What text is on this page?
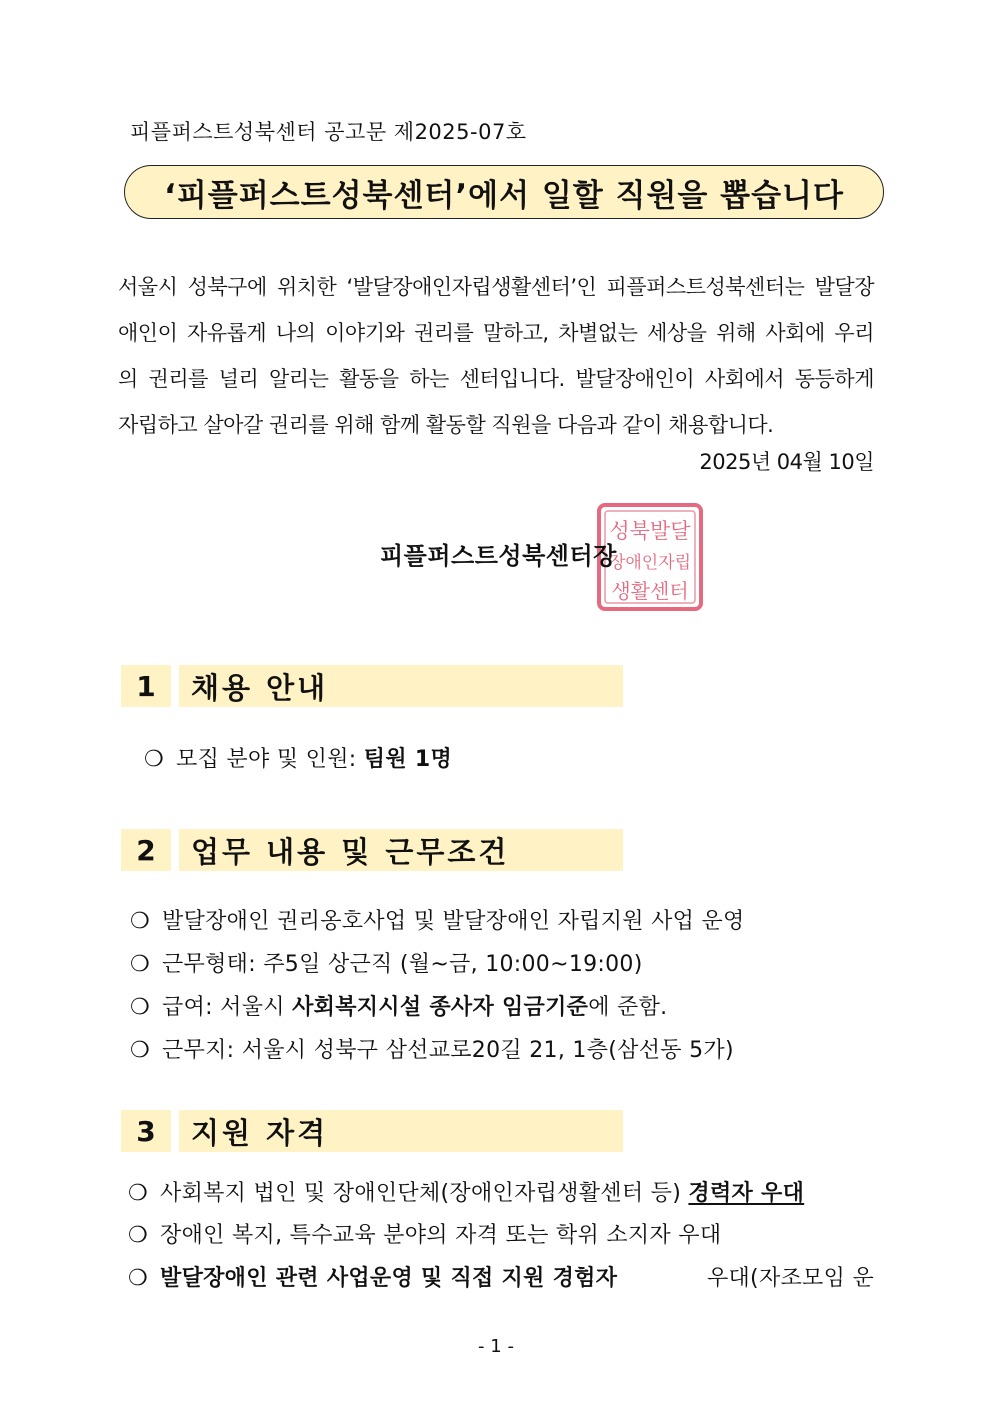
피플퍼스트성북센터 공고문 제2025-07호
‘피플퍼스트성북센터’에서 일할 직원을 뽑습니다

서울시 성북구에 위치한 ‘발달장애인자립생활센터’인 피플퍼스트성북센터는 발달장

애인이 자유롭게 나의 이야기와 권리를 말하고, 차별없는 세상을 위해 사회에 우리

의 권리를 널리 알리는 활동을 하는 센터입니다. 발달장애인이 사회에서 동등하게

자립하고 살아갈 권리를 위해 함께 활동할 직원을 다음과 같이 채용합니다.

2025년 04월 10일
피플퍼스트성북센터장
성북발달
장애인자립
생활센터
1	채용 안내
❍ 모집 분야 및 인원: 팀원 1명
2	업무 내용 및 근무조건
❍ 발달장애인 권리옹호사업 및 발달장애인 자립지원 사업 운영
❍ 근무형태: 주5일 상근직 (월~금, 10:00~19:00)
❍ 급여: 서울시 사회복지시설 종사자 임금기준에 준함.
❍ 근무지: 서울시 성북구 삼선교로20길 21, 1층(삼선동 5가)
3	지원 자격
❍ 사회복지 법인 및 장애인단체(장애인자립생활센터 등) 경력자 우대
❍ 장애인 복지, 특수교육 분야의 자격 또는 학위 소지자 우대
❍ 발달장애인 관련 사업운영 및 직접 지원 경험자	우대(자조모임 운
- 1 -
